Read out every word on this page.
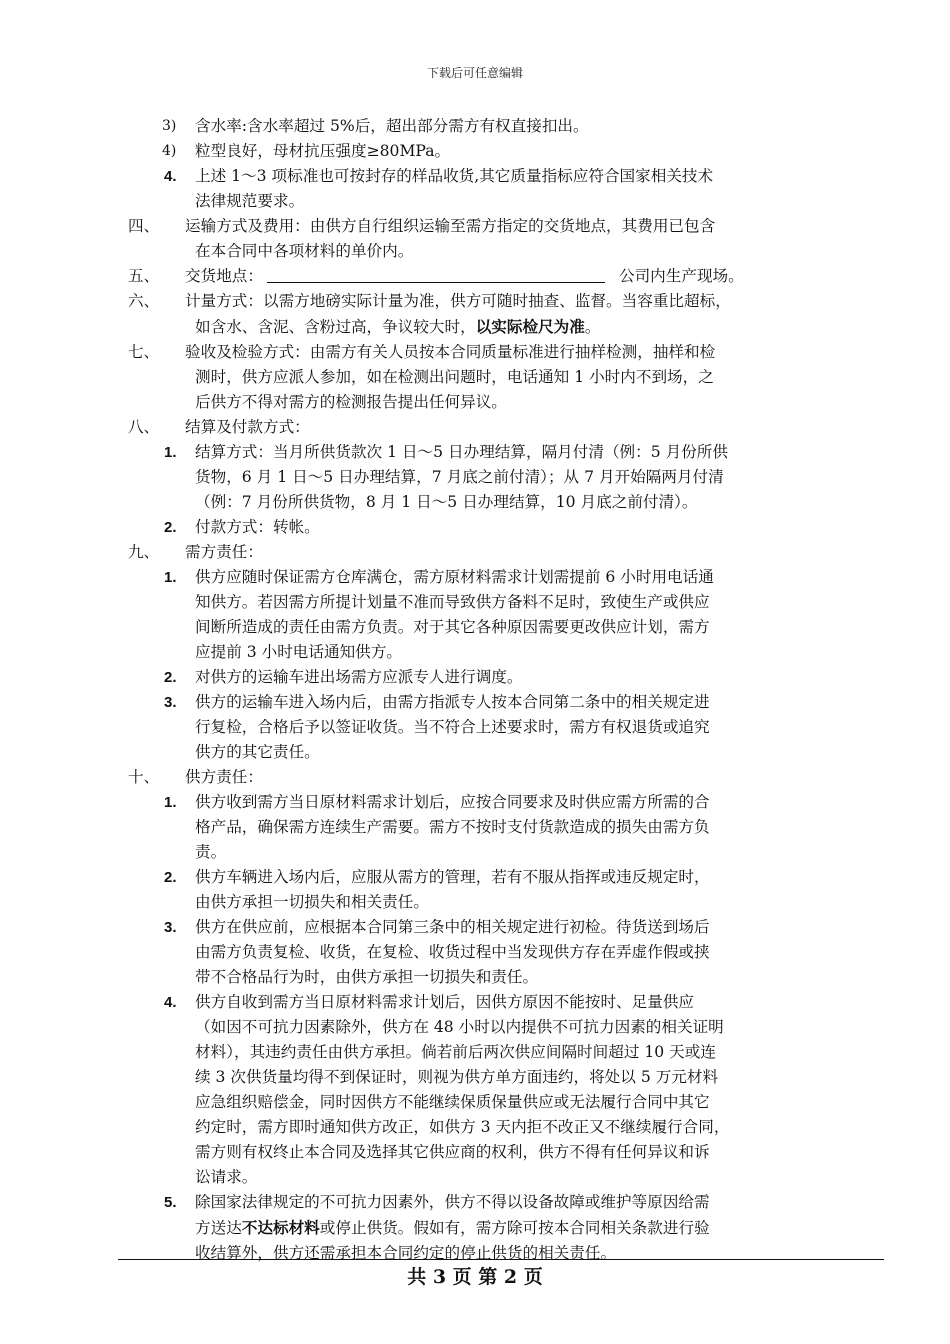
下载后可任意编辑
3) 含水率:含水率超过 5%后，超出部分需方有权直接扣出。
4) 粒型良好，母材抗压强度≥80MPa。
4. 上述 1～3 项标准也可按封存的样品收货,其它质量指标应符合国家相关技术
法律规范要求。
四、 运输方式及费用：由供方自行组织运输至需方指定的交货地点，其费用已包含
在本合同中各项材料的单价内。
五、 交货地点：	公司内生产现场。
六、 计量方式：以需方地磅实际计量为准，供方可随时抽查、监督。当容重比超标，
如含水、含泥、含粉过高，争议较大时，以实际检尺为准。
七、 验收及检验方式：由需方有关人员按本合同质量标准进行抽样检测，抽样和检
测时，供方应派人参加，如在检测出问题时，电话通知 1 小时内不到场，之
后供方不得对需方的检测报告提出任何异议。
八、 结算及付款方式：
1. 结算方式：当月所供货款次 1 日～5 日办理结算，隔月付清（例：5 月份所供
货物，6 月 1 日～5 日办理结算，7 月底之前付清）；从 7 月开始隔两月付清
（例：7 月份所供货物，8 月 1 日～5 日办理结算，10 月底之前付清）。
2. 付款方式：转帐。
九、 需方责任：
1. 供方应随时保证需方仓库满仓，需方原材料需求计划需提前 6 小时用电话通
知供方。若因需方所提计划量不准而导致供方备料不足时，致使生产或供应
间断所造成的责任由需方负责。对于其它各种原因需要更改供应计划，需方
应提前 3 小时电话通知供方。
2. 对供方的运输车进出场需方应派专人进行调度。
3. 供方的运输车进入场内后，由需方指派专人按本合同第二条中的相关规定进
行复检，合格后予以签证收货。当不符合上述要求时，需方有权退货或追究
供方的其它责任。
十、 供方责任：
1. 供方收到需方当日原材料需求计划后，应按合同要求及时供应需方所需的合
格产品，确保需方连续生产需要。需方不按时支付货款造成的损失由需方负
责。
2. 供方车辆进入场内后，应服从需方的管理，若有不服从指挥或违反规定时，
由供方承担一切损失和相关责任。
3. 供方在供应前，应根据本合同第三条中的相关规定进行初检。待货送到场后
由需方负责复检、收货，在复检、收货过程中当发现供方存在弄虚作假或挟
带不合格品行为时，由供方承担一切损失和责任。
4. 供方自收到需方当日原材料需求计划后，因供方原因不能按时、足量供应
（如因不可抗力因素除外，供方在 48 小时以内提供不可抗力因素的相关证明
材料），其违约责任由供方承担。倘若前后两次供应间隔时间超过 10 天或连
续 3 次供货量均得不到保证时，则视为供方单方面违约，将处以 5 万元材料
应急组织赔偿金，同时因供方不能继续保质保量供应或无法履行合同中其它
约定时，需方即时通知供方改正，如供方 3 天内拒不改正又不继续履行合同，
需方则有权终止本合同及选择其它供应商的权利，供方不得有任何异议和诉
讼请求。
5. 除国家法律规定的不可抗力因素外，供方不得以设备故障或维护等原因给需
方送达不达标材料或停止供货。假如有，需方除可按本合同相关条款进行验
收结算外，供方还需承担本合同约定的停止供货的相关责任。
共 3 页 第 2 页
